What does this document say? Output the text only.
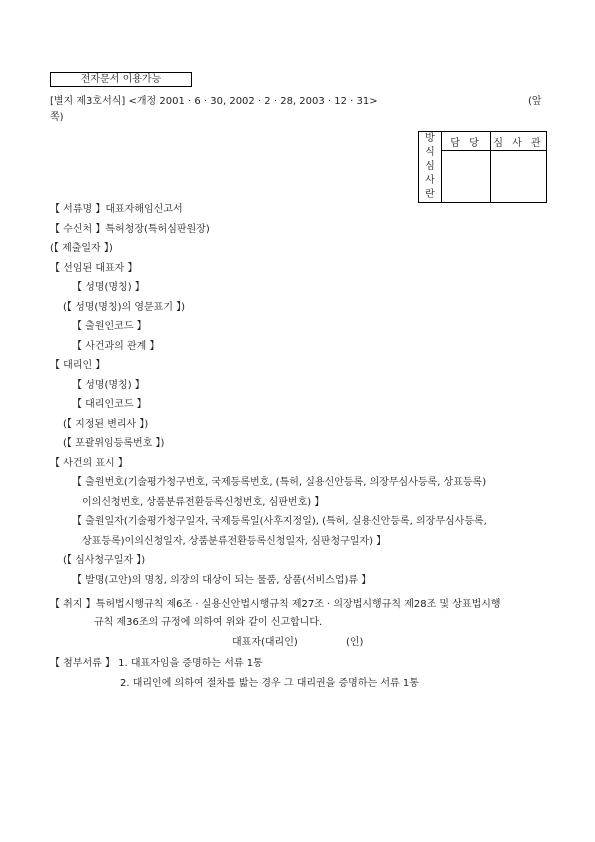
전자문서 이용가능
[별지 제3호서식] <개정 2001 · 6 · 30, 2002 · 2 · 28, 2003 · 12 · 31>	(앞
쪽)
방
식
심
사
란	담 당	심 사 관

【 서류명 】대표자해임신고서
【 수신처 】특허청장(특허심판원장)
(【 제출일자 】)
【 선임된 대표자 】
【 성명(명칭) 】
(【 성명(명칭)의 영문표기 】)
【 출원인코드 】
【 사건과의 관계 】
【 대리인 】
【 성명(명칭) 】
【 대리인코드 】
(【 지정된 변리사 】)
(【 포괄위임등록번호 】)
【 사건의 표시 】
【 출원번호(기술평가청구번호, 국제등록번호, (특허, 실용신안등록, 의장무심사등록, 상표등록)
이의신청번호, 상품분류전환등록신청번호, 심판번호) 】
【 출원일자(기술평가청구일자, 국제등록일(사후지정일), (특허, 실용신안등록, 의장무심사등록,
상표등록)이의신청일자, 상품분류전환등록신청일자, 심판청구일자) 】
(【 심사청구일자 】)
【 발명(고안)의 명칭, 의장의 대상이 되는 물품, 상품(서비스업)류 】
【 취지 】특허법시행규칙 제6조 · 실용신안법시행규칙 제27조 · 의장법시행규칙 제28조 및 상표법시행
규칙 제36조의 규정에 의하여 위와 같이 신고합니다.
대표자(대리인)	(인)
【 첨부서류 】 1. 대표자임을 증명하는 서류 1통
2. 대리인에 의하여 절차를 밟는 경우 그 대리권을 증명하는 서류 1통
